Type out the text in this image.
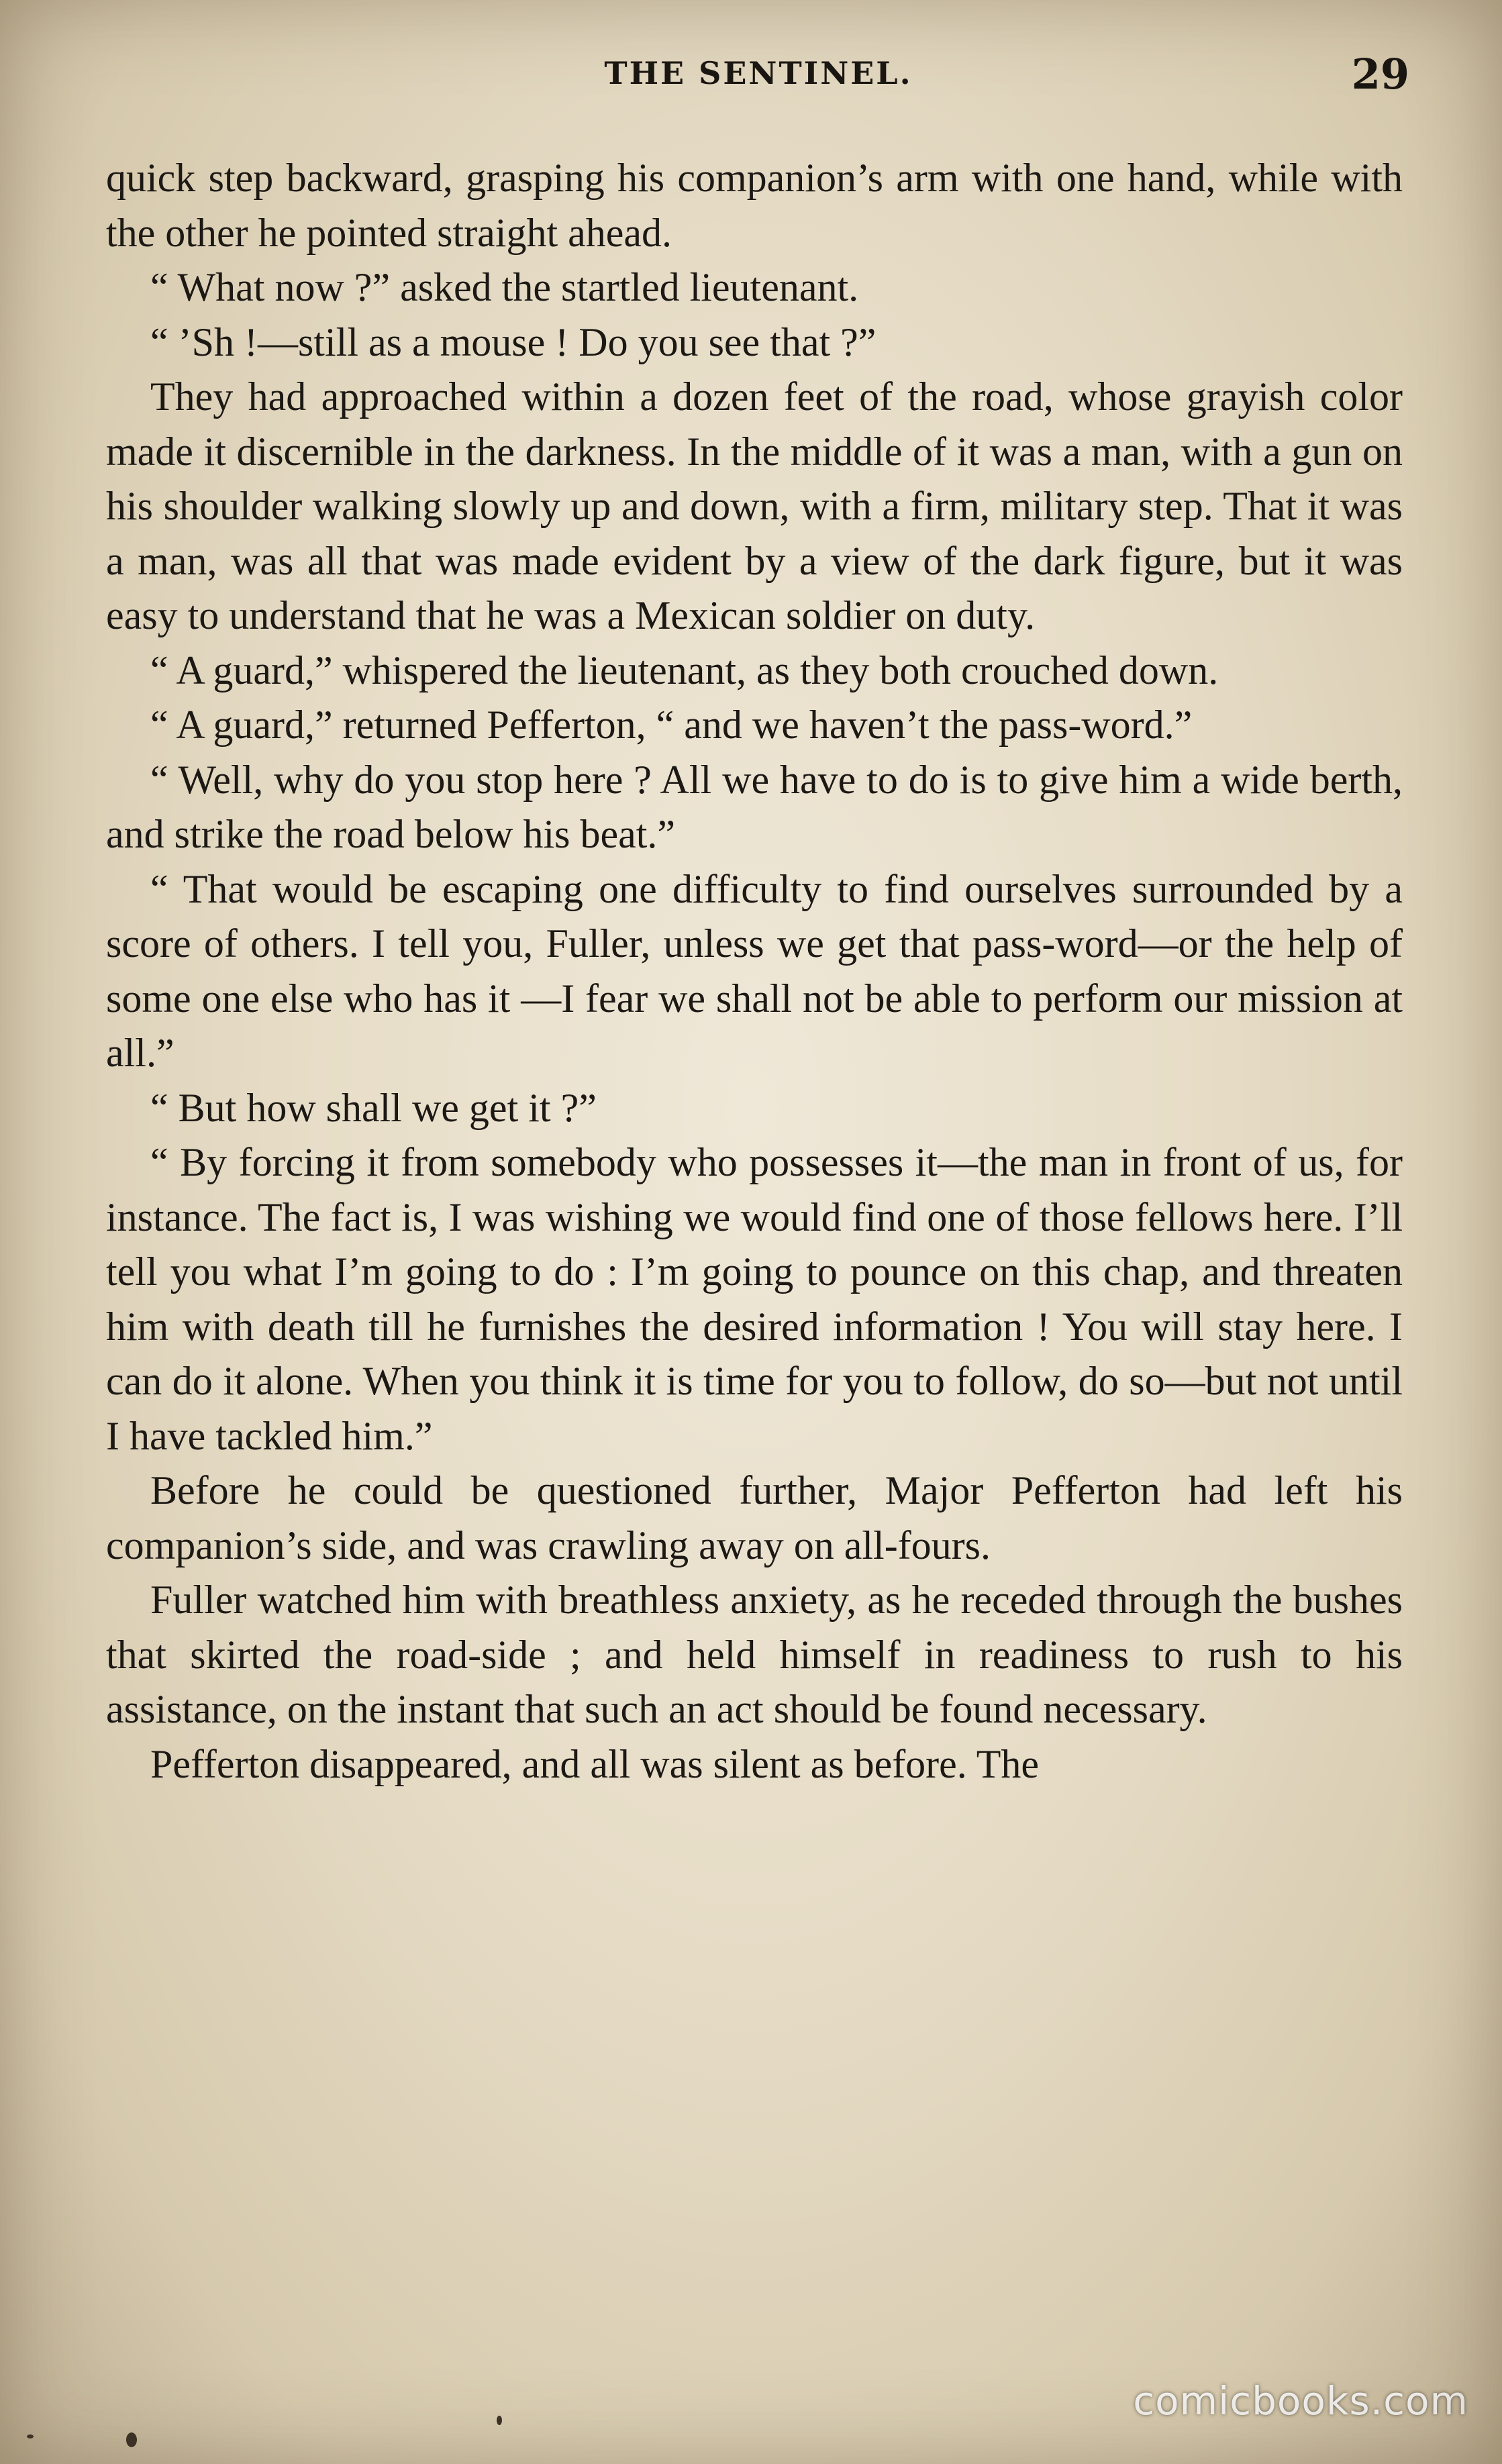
THE SENTINEL.	29

quick step backward, grasping his companion’s arm with one hand, while with the other he pointed straight ahead.

“ What now ?” asked the startled lieutenant.

“ ’Sh !—still as a mouse ! Do you see that ?”

They had approached within a dozen feet of the road, whose grayish color made it discernible in the darkness. In the middle of it was a man, with a gun on his shoulder walking slowly up and down, with a firm, military step. That it was a man, was all that was made evident by a view of the dark figure, but it was easy to understand that he was a Mexican soldier on duty.

“ A guard,” whispered the lieutenant, as they both crouched down.

“ A guard,” returned Pefferton, “ and we haven’t the pass-word.”

“ Well, why do you stop here ? All we have to do is to give him a wide berth, and strike the road below his beat.”

“ That would be escaping one difficulty to find ourselves surrounded by a score of others. I tell you, Fuller, unless we get that pass-word—or the help of some one else who has it —I fear we shall not be able to perform our mission at all.”

“ But how shall we get it ?”

“ By forcing it from somebody who possesses it—the man in front of us, for instance. The fact is, I was wishing we would find one of those fellows here. I’ll tell you what I’m going to do : I’m going to pounce on this chap, and threaten him with death till he furnishes the desired information ! You will stay here. I can do it alone. When you think it is time for you to follow, do so—but not until I have tackled him.”

Before he could be questioned further, Major Pefferton had left his companion’s side, and was crawling away on all-fours.

Fuller watched him with breathless anxiety, as he receded through the bushes that skirted the road-side ; and held himself in readiness to rush to his assistance, on the instant that such an act should be found necessary.

Pefferton disappeared, and all was silent as before. The

comicbooks.com
